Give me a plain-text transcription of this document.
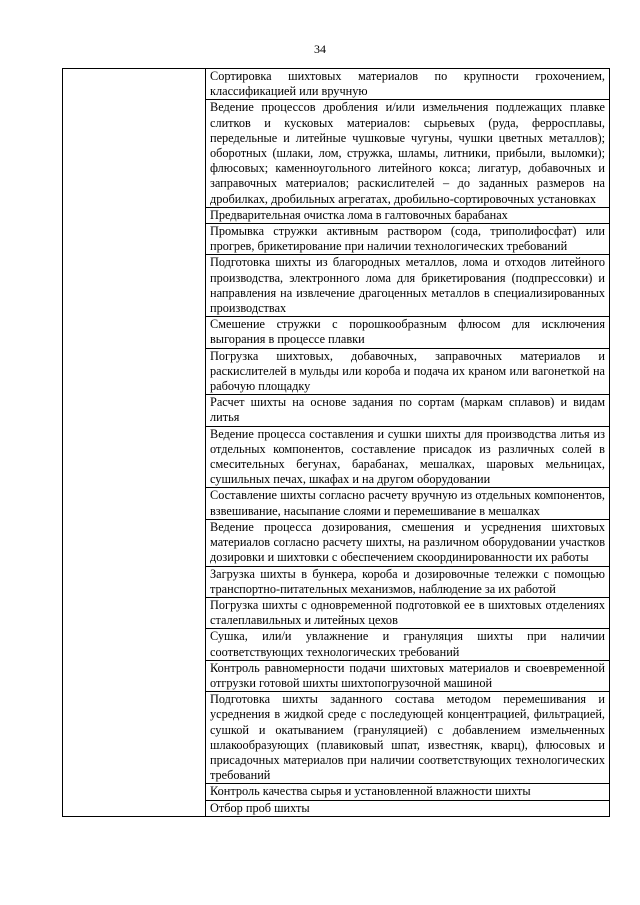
34
	Сортировка шихтовых материалов по крупности грохочением, классификацией или вручную
Ведение процессов дробления и/или измельчения подлежащих плавке слитков и кусковых материалов: сырьевых (руда, ферросплавы, передельные и литейные чушковые чугуны, чушки цветных металлов); оборотных (шлаки, лом, стружка, шламы, литники, прибыли, выломки); флюсовых; каменноугольного литейного кокса; лигатур, добавочных и заправочных материалов; раскислителей – до заданных размеров на дробилках, дробильных агрегатах, дробильно-сортировочных установках
Предварительная очистка лома в галтовочных барабанах
Промывка стружки активным раствором (сода, триполифосфат) или прогрев, брикетирование при наличии технологических требований
Подготовка шихты из благородных металлов, лома и отходов литейного производства, электронного лома для брикетирования (подпрессовки) и направления на извлечение драгоценных металлов в специализированных производствах
Смешение стружки с порошкообразным флюсом для исключения выгорания в процессе плавки
Погрузка шихтовых, добавочных, заправочных материалов и раскислителей в мульды или короба и подача их краном или вагонеткой на рабочую площадку
Расчет шихты на основе задания по сортам (маркам сплавов) и видам литья
Ведение процесса составления и сушки шихты для производства литья из отдельных компонентов, составление присадок из различных солей в смесительных бегунах, барабанах, мешалках, шаровых мельницах, сушильных печах, шкафах и на другом оборудовании
Составление шихты согласно расчету вручную из отдельных компонентов, взвешивание, насыпание слоями и перемешивание в мешалках
Ведение процесса дозирования, смешения и усреднения шихтовых материалов согласно расчету шихты, на различном оборудовании участков дозировки и шихтовки с обеспечением скоординированности их работы
Загрузка шихты в бункера, короба и дозировочные тележки с помощью транспортно-питательных механизмов, наблюдение за их работой
Погрузка шихты с одновременной подготовкой ее в шихтовых отделениях сталеплавильных и литейных цехов
Сушка, или/и увлажнение и грануляция шихты при наличии соответствующих технологических требований
Контроль равномерности подачи шихтовых материалов и своевременной отгрузки готовой шихты шихтопогрузочной машиной
Подготовка шихты заданного состава методом перемешивания и усреднения в жидкой среде с последующей концентрацией, фильтрацией, сушкой и окатыванием (грануляцией) с добавлением измельченных шлакообразующих (плавиковый шпат, известняк, кварц), флюсовых и присадочных материалов при наличии соответствующих технологических требований
Контроль качества сырья и установленной влажности шихты
Отбор проб шихты
